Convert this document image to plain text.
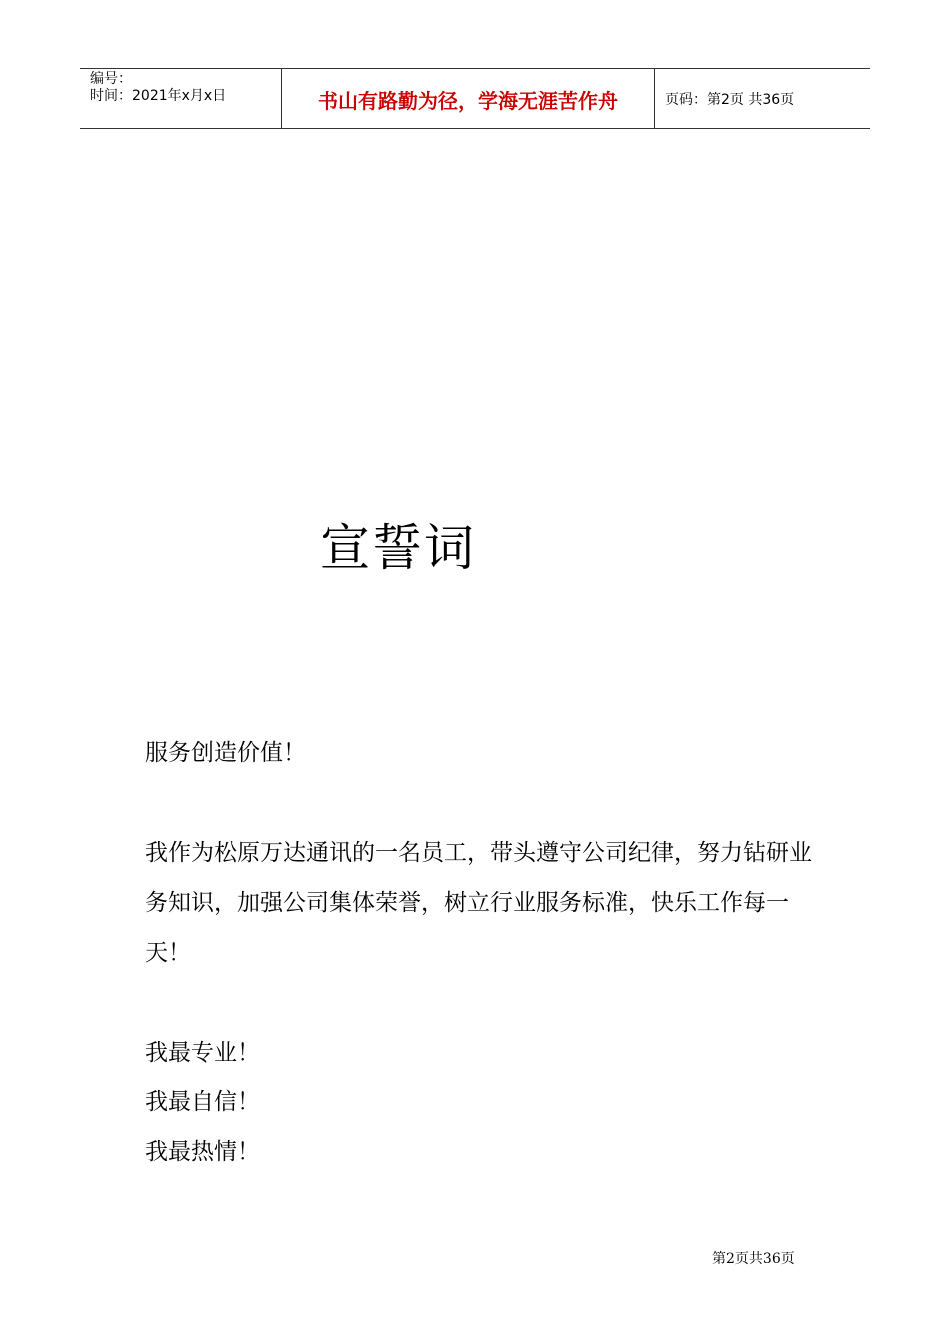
编号：
时间：2021年x月x日	书山有路勤为径，学海无涯苦作舟	页码：第2页 共36页
宣誓词
服务创造价值！
我作为松原万达通讯的一名员工，带头遵守公司纪律，努力钻研业务知识，加强公司集体荣誉，树立行业服务标准，快乐工作每一天！
我最专业！
我最自信！
我最热情！
第2页共36页
